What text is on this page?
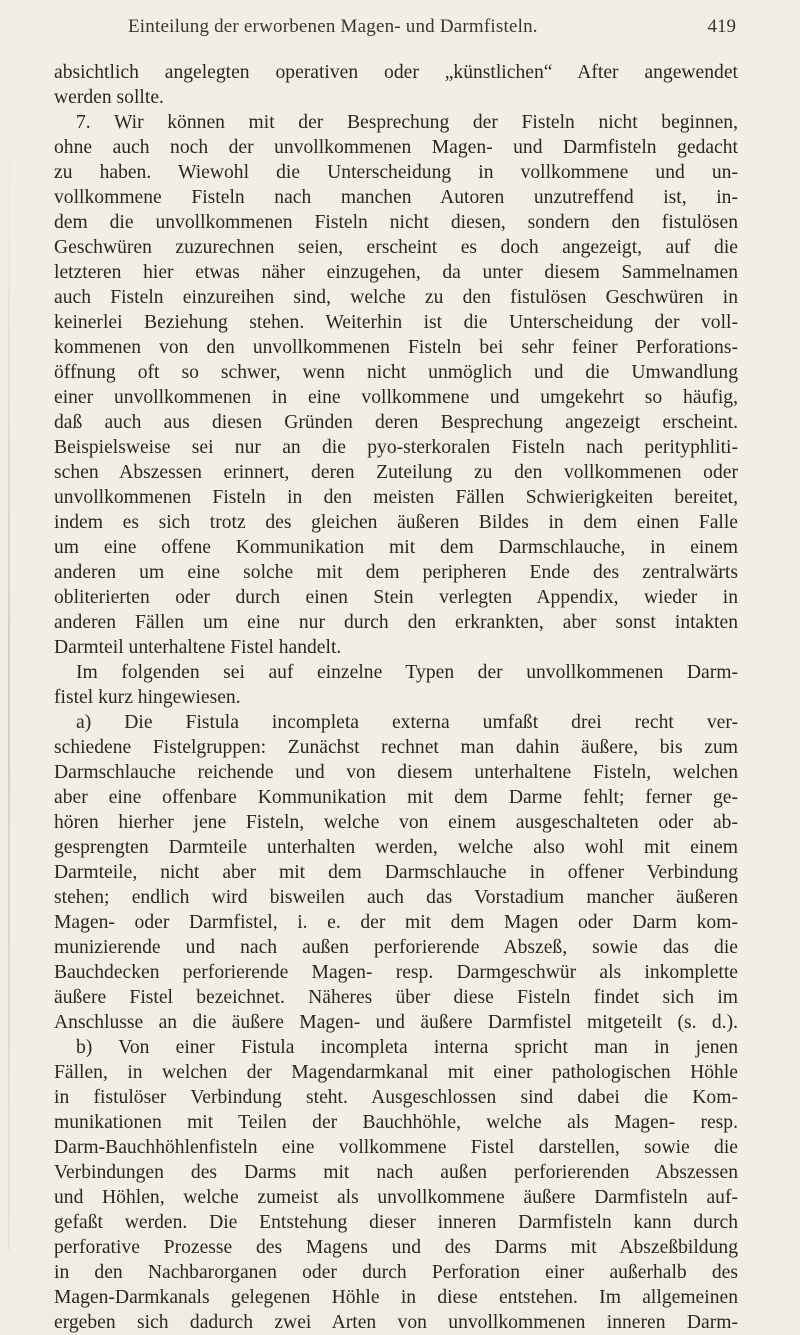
Einteilung der erworbenen Magen- und Darmfisteln.	419
absichtlich angelegten operativen oder „künstlichen“ After angewendet
werden sollte.
7. Wir können mit der Besprechung der Fisteln nicht beginnen,
ohne auch noch der unvollkommenen Magen- und Darmfisteln gedacht
zu haben. Wiewohl die Unterscheidung in vollkommene und un-
vollkommene Fisteln nach manchen Autoren unzutreffend ist, in-
dem die unvollkommenen Fisteln nicht diesen, sondern den fistulösen
Geschwüren zuzurechnen seien, erscheint es doch angezeigt, auf die
letzteren hier etwas näher einzugehen, da unter diesem Sammelnamen
auch Fisteln einzureihen sind, welche zu den fistulösen Geschwüren in
keinerlei Beziehung stehen. Weiterhin ist die Unterscheidung der voll-
kommenen von den unvollkommenen Fisteln bei sehr feiner Perforations-
öffnung oft so schwer, wenn nicht unmöglich und die Umwandlung
einer unvollkommenen in eine vollkommene und umgekehrt so häufig,
daß auch aus diesen Gründen deren Besprechung angezeigt erscheint.
Beispielsweise sei nur an die pyo-sterkoralen Fisteln nach perityphliti-
schen Abszessen erinnert, deren Zuteilung zu den vollkommenen oder
unvollkommenen Fisteln in den meisten Fällen Schwierigkeiten bereitet,
indem es sich trotz des gleichen äußeren Bildes in dem einen Falle
um eine offene Kommunikation mit dem Darmschlauche, in einem
anderen um eine solche mit dem peripheren Ende des zentralwärts
obliterierten oder durch einen Stein verlegten Appendix, wieder in
anderen Fällen um eine nur durch den erkrankten, aber sonst intakten
Darmteil unterhaltene Fistel handelt.
Im folgenden sei auf einzelne Typen der unvollkommenen Darm-
fistel kurz hingewiesen.
a) Die Fistula incompleta externa umfaßt drei recht ver-
schiedene Fistelgruppen: Zunächst rechnet man dahin äußere, bis zum
Darmschlauche reichende und von diesem unterhaltene Fisteln, welchen
aber eine offenbare Kommunikation mit dem Darme fehlt; ferner ge-
hören hierher jene Fisteln, welche von einem ausgeschalteten oder ab-
gesprengten Darmteile unterhalten werden, welche also wohl mit einem
Darmteile, nicht aber mit dem Darmschlauche in offener Verbindung
stehen; endlich wird bisweilen auch das Vorstadium mancher äußeren
Magen- oder Darmfistel, i. e. der mit dem Magen oder Darm kom-
munizierende und nach außen perforierende Abszeß, sowie das die
Bauchdecken perforierende Magen- resp. Darmgeschwür als inkomplette
äußere Fistel bezeichnet. Näheres über diese Fisteln findet sich im
Anschlusse an die äußere Magen- und äußere Darmfistel mitgeteilt (s. d.).
b) Von einer Fistula incompleta interna spricht man in jenen
Fällen, in welchen der Magendarmkanal mit einer pathologischen Höhle
in fistulöser Verbindung steht. Ausgeschlossen sind dabei die Kom-
munikationen mit Teilen der Bauchhöhle, welche als Magen- resp.
Darm-Bauchhöhlenfisteln eine vollkommene Fistel darstellen, sowie die
Verbindungen des Darms mit nach außen perforierenden Abszessen
und Höhlen, welche zumeist als unvollkommene äußere Darmfisteln auf-
gefaßt werden. Die Entstehung dieser inneren Darmfisteln kann durch
perforative Prozesse des Magens und des Darms mit Abszeßbildung
in den Nachbarorganen oder durch Perforation einer außerhalb des
Magen-Darmkanals gelegenen Höhle in diese entstehen. Im allgemeinen
ergeben sich dadurch zwei Arten von unvollkommenen inneren Darm-
